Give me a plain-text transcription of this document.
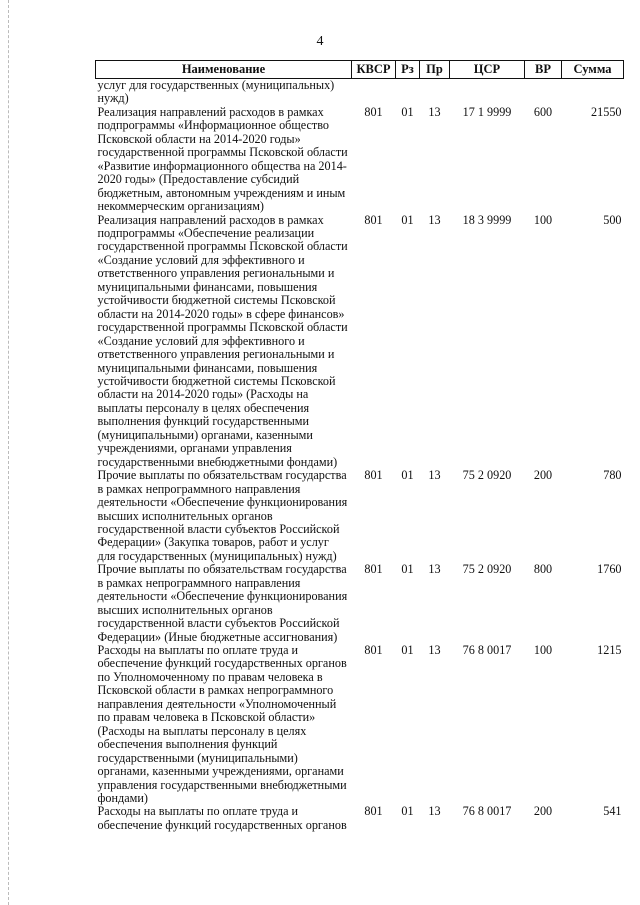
4
Наименование	КВСР	Рз	Пр	ЦСР	ВР	Сумма
услуг для государственных (муниципальных) нужд)						
Реализация направлений расходов в рамках подпрограммы «Информационное общество Псковской области на 2014-2020 годы» государственной программы Псковской области «Развитие информационного общества на 2014-2020 годы» (Предоставление субсидий бюджетным, автономным учреждениям и иным некоммерческим организациям)	801	01	13	17 1 9999	600	21550
Реализация направлений расходов в рамках подпрограммы «Обеспечение реализации государственной программы Псковской области «Создание условий для эффективного и ответственного управления региональными и муниципальными финансами, повышения устойчивости бюджетной системы Псковской области на 2014-2020 годы» в сфере финансов» государственной программы Псковской области «Создание условий для эффективного и ответственного управления региональными и муниципальными финансами, повышения устойчивости бюджетной системы Псковской области на 2014-2020 годы» (Расходы на выплаты персоналу в целях обеспечения выполнения функций государственными (муниципальными) органами, казенными учреждениями, органами управления государственными внебюджетными фондами)	801	01	13	18 3 9999	100	500
Прочие выплаты по обязательствам государства в рамках непрограммного направления деятельности «Обеспечение функционирования высших исполнительных органов государственной власти субъектов Российской Федерации» (Закупка товаров, работ и услуг для государственных (муниципальных) нужд)	801	01	13	75 2 0920	200	780
Прочие выплаты по обязательствам государства в рамках непрограммного направления деятельности «Обеспечение функционирования высших исполнительных органов государственной власти субъектов Российской Федерации» (Иные бюджетные ассигнования)	801	01	13	75 2 0920	800	1760
Расходы на выплаты по оплате труда и обеспечение функций государственных органов по Уполномоченному по правам человека в Псковской области в рамках непрограммного направления деятельности «Уполномоченный по правам человека в Псковской области» (Расходы на выплаты персоналу в целях обеспечения выполнения функций государственными (муниципальными) органами, казенными учреждениями, органами управления государственными внебюджетными фондами)	801	01	13	76 8 0017	100	1215
Расходы на выплаты по оплате труда и обеспечение функций государственных органов	801	01	13	76 8 0017	200	541
